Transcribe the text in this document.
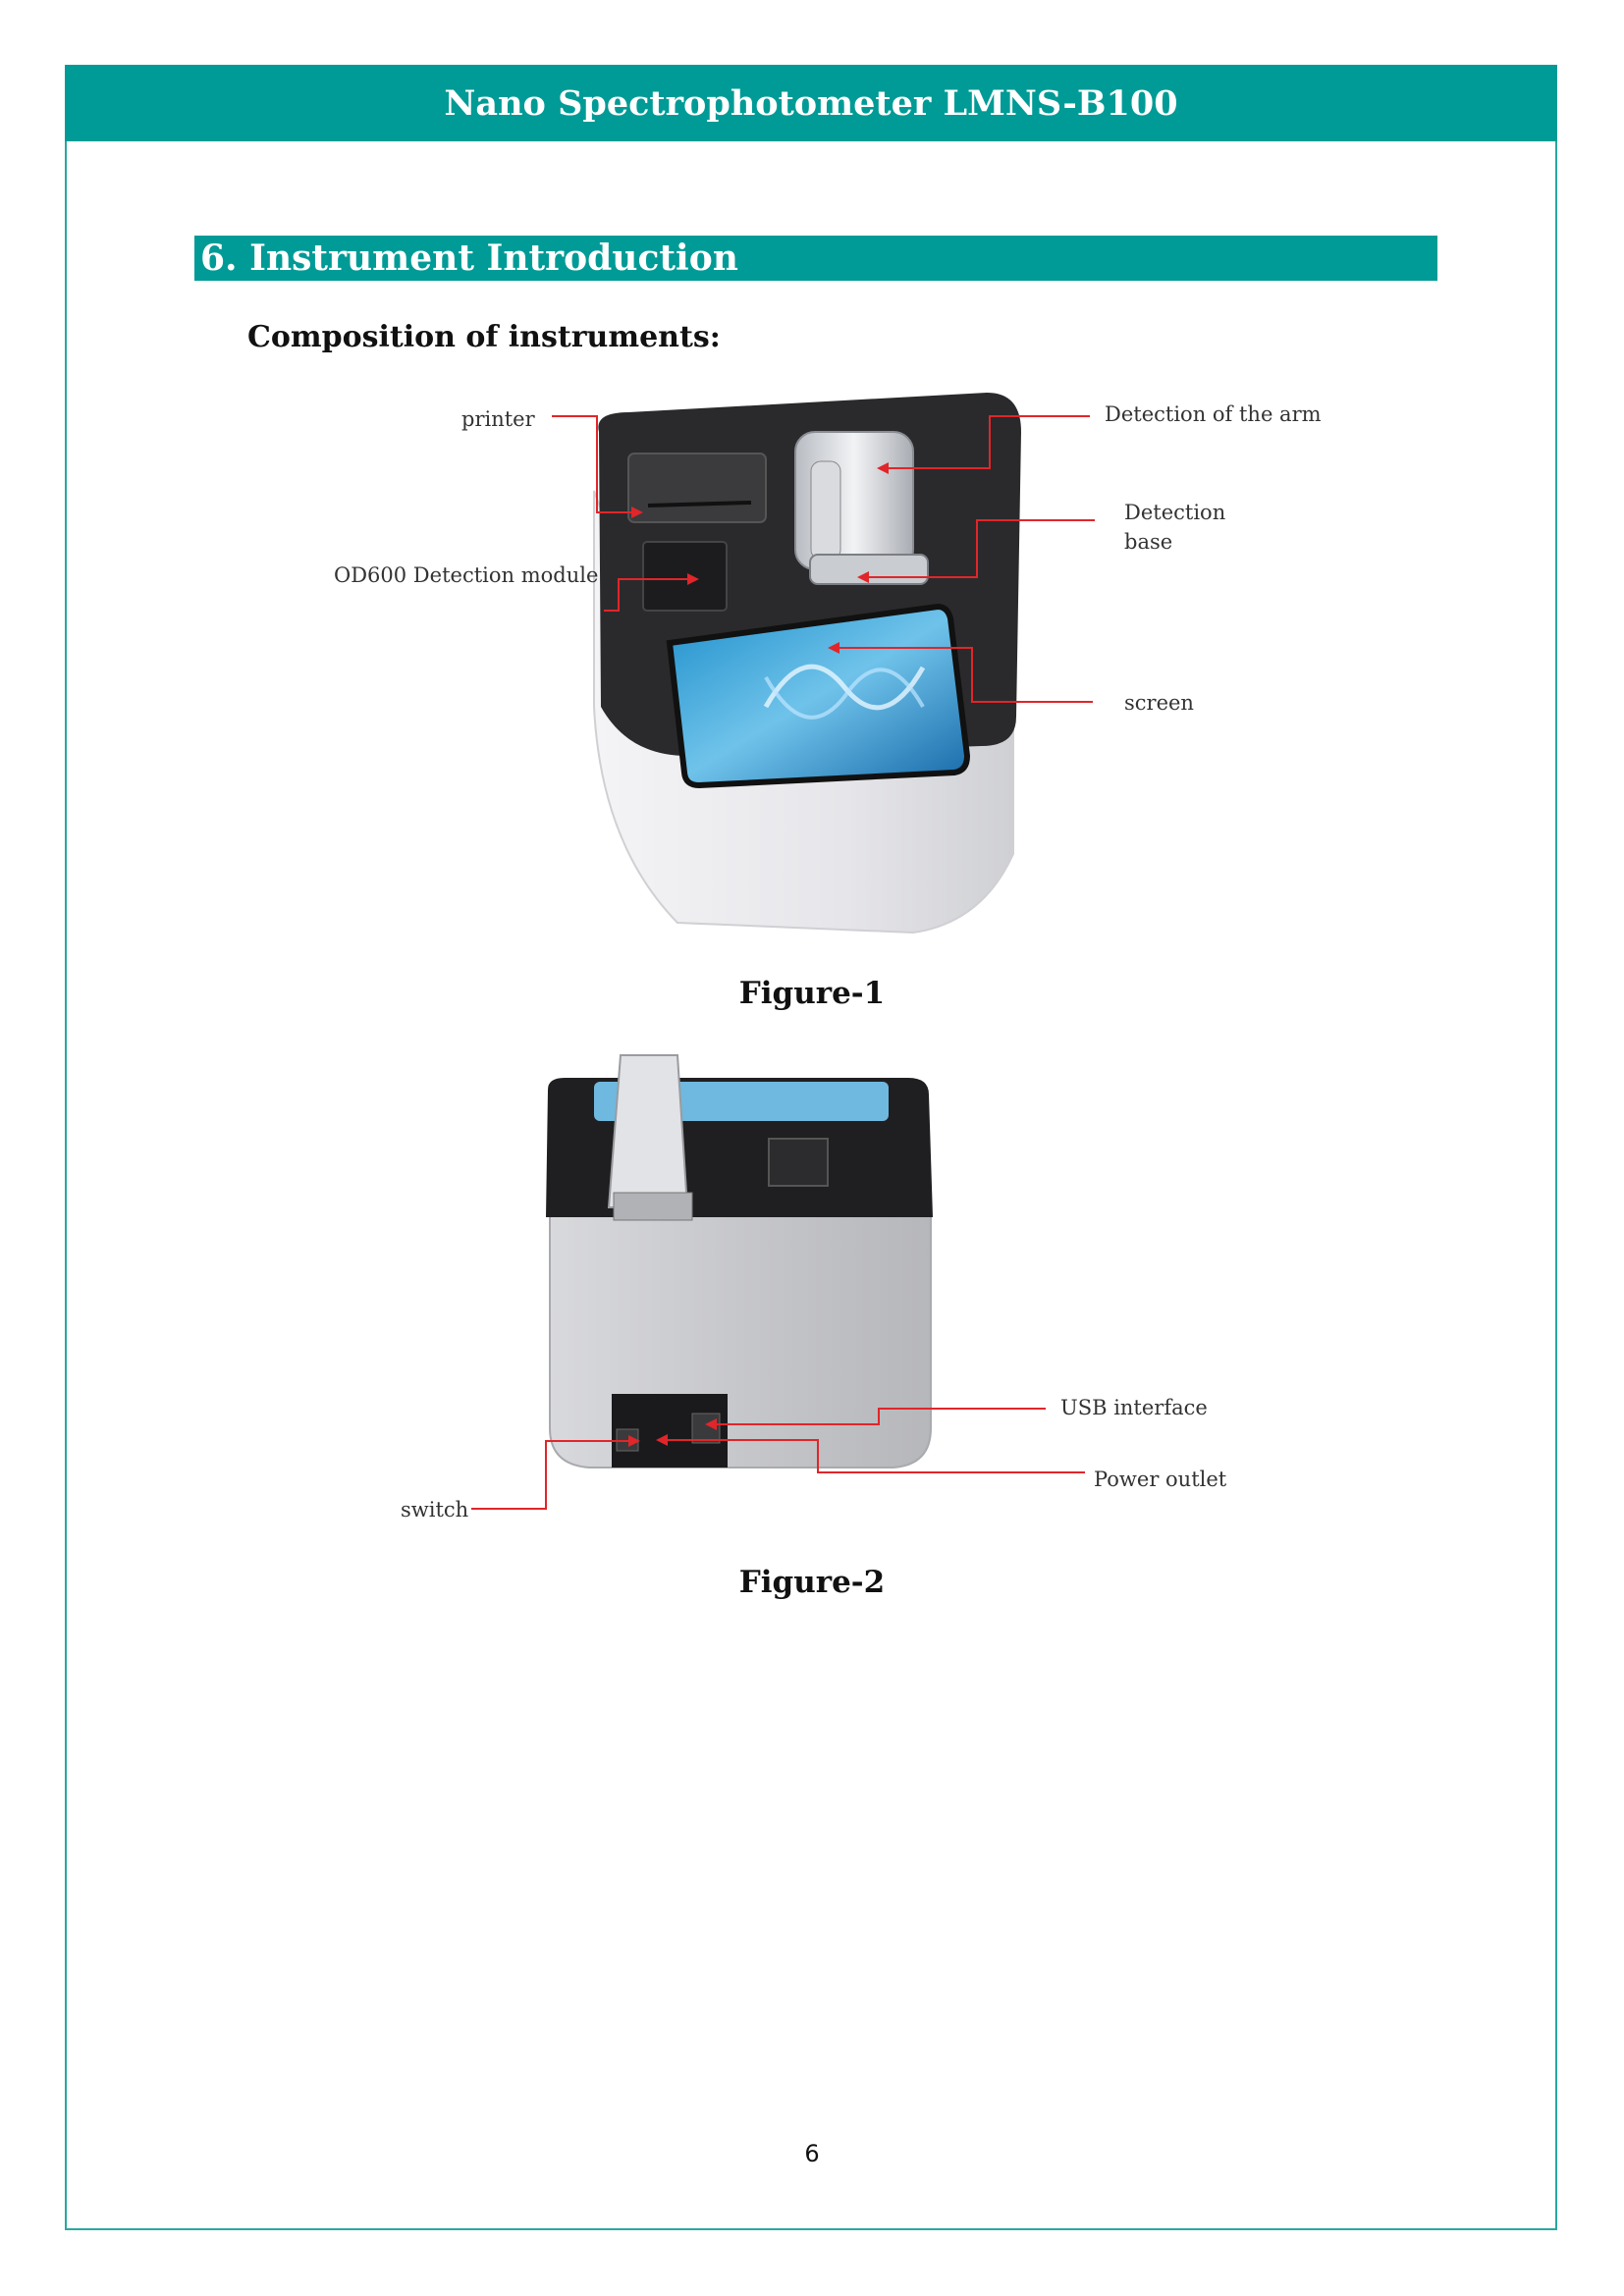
Nano Spectrophotometer LMNS-B100
6. Instrument Introduction
Composition of instruments:
printer	Detection of the arm
Detection
base
OD600 Detection module
screen
Figure-1
USB interface
Power outlet
switch
Figure-2
6
